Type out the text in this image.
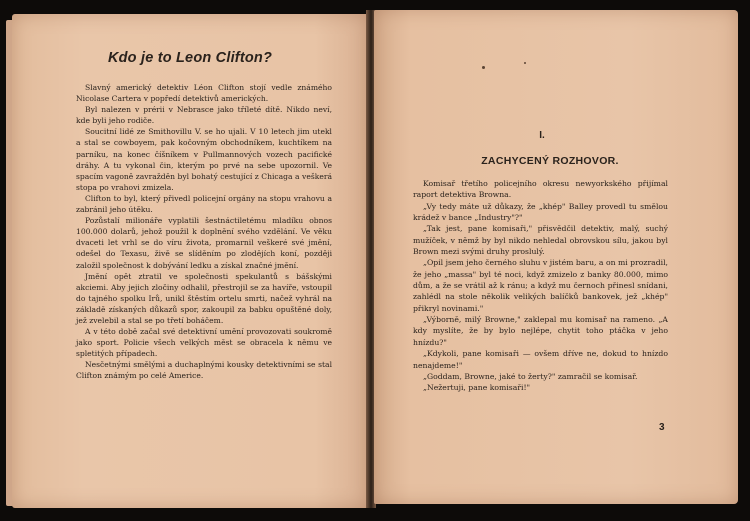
Kdo je to Leon Clifton?

Slavný americký detektiv Léon Clifton stojí vedle známého Nicolase Cartera v popředí detektivů amerických.

Byl nalezen v prérii v Nebrasce jako tříleté dítě. Nikdo neví, kde byli jeho rodiče.

Soucitní lidé ze Smithovillu V. se ho ujali. V 10 letech jim utekl a stal se cowboyem, pak kočovným obchodníkem, kuchtíkem na parníku, na konec číšníkem v Pullmannových vozech pacifické dráhy. A tu vykonal čin, kterým po prvé na sebe upozornil. Ve spacím vagoně zavražděn byl bohatý cestující z Chicaga a veškerá stopa po vrahovi zmizela.

Clifton to byl, který přivedl policejní orgány na stopu vrahovu a zabránil jeho útěku.

Pozůstalí milionáře vyplatili šestnáctiletému mladíku obnos 100.000 dolarů, jehož použil k doplnění svého vzdělání. Ve věku dvaceti let vrhl se do víru života, promarnil veškeré své jmění, odešel do Texasu, živě se slíděním po zlodějích koní, později založil společnost k dobývání ledku a získal značné jmění.

Jmění opět ztratil ve společnosti spekulantů s bášskými akciemi. Aby jejich zločiny odhalil, přestrojil se za havíře, vstoupil do tajného spolku Irů, unikl štěstím ortelu smrti, načež vyhrál na základě získaných důkazů spor, zakoupil za babku opuštěné doly, jež zvelebil a stal se po třetí boháčem.

A v této době začal své detektivní umění provozovati soukromě jako sport. Policie všech velkých měst se obracela k němu ve spletitých případech.

Nesčetnými smělými a duchaplnými kousky detektivními se stal Clifton známým po celé Americe.

I.
ZACHYCENÝ ROZHOVOR.

Komisař třetího policejního okresu newyorkského přijímal raport detektiva Browna.

„Vy tedy máte už důkazy, že „khép" Balley provedl tu smělou krádež v bance „Industry"?"

„Tak jest, pane komisaři," přisvědčil detektiv, malý, suchý mužíček, v němž by byl nikdo nehledal obrovskou sílu, jakou byl Brown mezi svými druhy proslulý.

„Opil jsem jeho černého sluhu v jistém baru, a on mi prozradil, že jeho „massa" byl té noci, když zmizelo z banky 80.000, mimo dům, a že se vrátil až k ránu; a když mu černoch přinesl snídani, zahlédl na stole několik velikých balíčků bankovek, jež „khép" přikryl novinami."

„Výborně, milý Browne," zaklepal mu komisař na rameno. „A kdy myslíte, že by bylo nejlépe, chytit toho ptáčka v jeho hnízdu?"

„Kdykoli, pane komisaři — ovšem dříve ne, dokud to hnízdo nenajdeme!"

„Goddam, Browne, jaké to žerty?" zamračil se komisař.

„Nežertuji, pane komisaři!"

3
